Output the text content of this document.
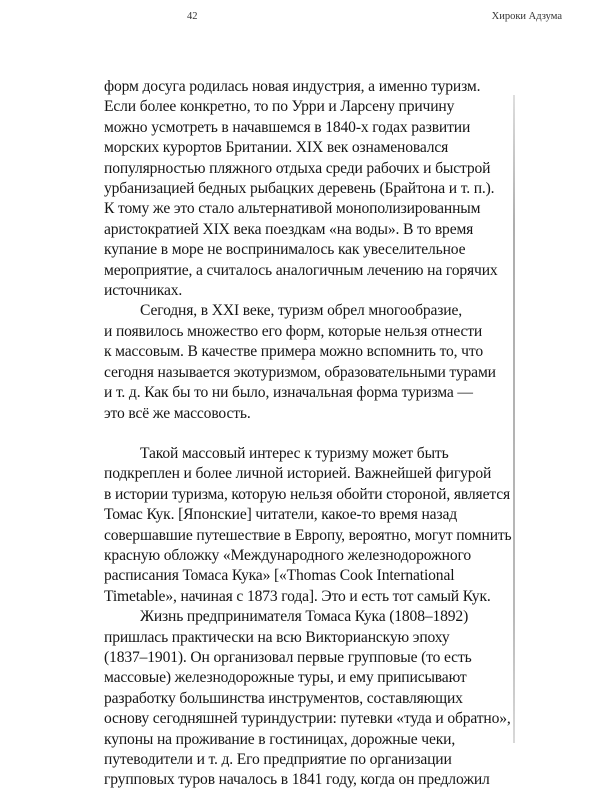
42	Хироки Адзума
форм досуга родилась новая индустрия, а именно туризм.
Если более конкретно, то по Урри и Ларсену причину
можно усмотреть в начавшемся в 1840-х годах развитии
морских курортов Британии. XIX век ознаменовался
популярностью пляжного отдыха среди рабочих и быстрой
урбанизацией бедных рыбацких деревень (Брайтона и т. п.).
К тому же это стало альтернативой монополизированным
аристократией XIX века поездкам «на воды». В то время
купание в море не воспринималось как увеселительное
мероприятие, а считалось аналогичным лечению на горячих
источниках.
Сегодня, в XXI веке, туризм обрел многообразие,
и появилось множество его форм, которые нельзя отнести
к массовым. В качестве примера можно вспомнить то, что
сегодня называется экотуризмом, образовательными турами
и т. д. Как бы то ни было, изначальная форма туризма —
это всё же массовость.
Такой массовый интерес к туризму может быть
подкреплен и более личной историей. Важнейшей фигурой
в истории туризма, которую нельзя обойти стороной, является
Томас Кук. [Японские] читатели, какое-то время назад
совершавшие путешествие в Европу, вероятно, могут помнить
красную обложку «Международного железнодорожного
расписания Томаса Кука» [«Thomas Cook International
Timetable», начиная с 1873 года]. Это и есть тот самый Кук.
Жизнь предпринимателя Томаса Кука (1808–1892)
пришлась практически на всю Викторианскую эпоху
(1837–1901). Он организовал первые групповые (то есть
массовые) железнодорожные туры, и ему приписывают
разработку большинства инструментов, составляющих
основу сегодняшней туриндустрии: путевки «туда и обратно»,
купоны на проживание в гостиницах, дорожные чеки,
путеводители и т. д. Его предприятие по организации
групповых туров началось в 1841 году, когда он предложил
